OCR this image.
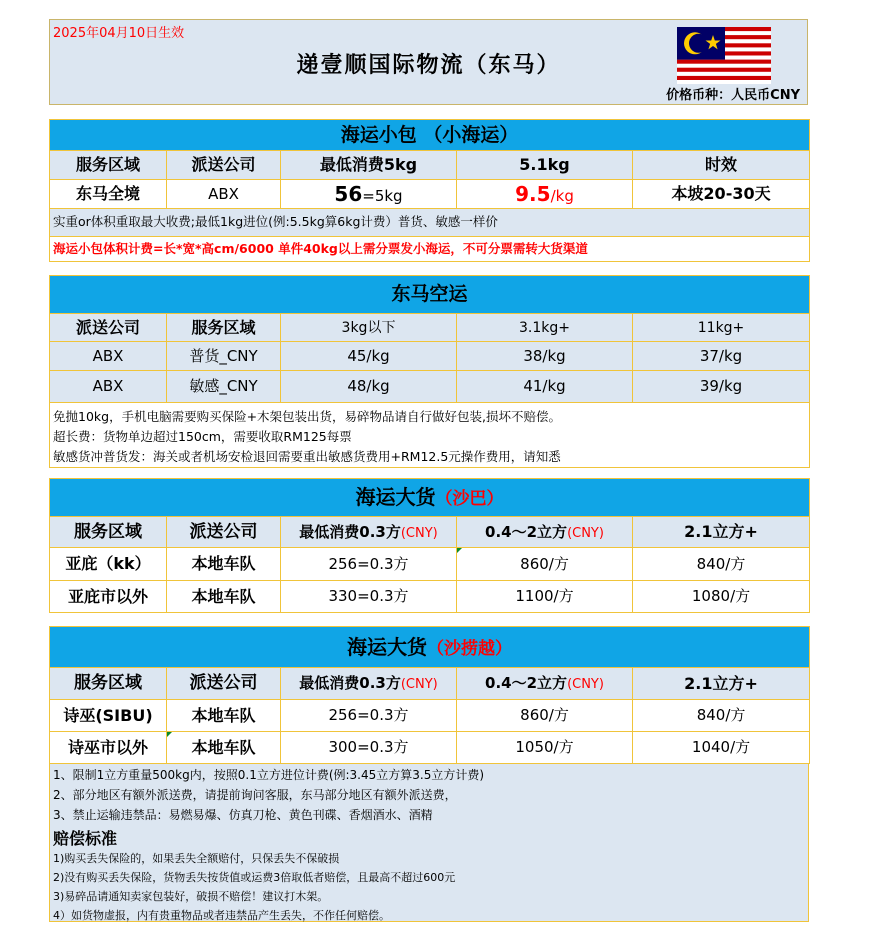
2025年04月10日生效
递壹顺国际物流（东马）
价格币种：人民币CNY
海运小包 （小海运）				
服务区域	派送公司	最低消费5kg	5.1kg	时效
东马全境	ABX	56=5kg	9.5/kg	本坡20-30天
实重or体积重取最大收费;最低1kg进位(例:5.5kg算6kg计费）普货、敏感一样价				
海运小包体积计费=长*宽*高cm/6000 单件40kg以上需分票发小海运，不可分票需转大货渠道				
东马空运				
派送公司	服务区域	3kg以下	3.1kg+	11kg+
ABX	普货_CNY	45/kg	38/kg	37/kg
ABX	敏感_CNY	48/kg	41/kg	39/kg

免抛10kg，手机电脑需要购买保险+木架包装出货，易碎物品请自行做好包装,损坏不赔偿。
超长费：货物单边超过150cm，需要收取RM125每票
敏感货冲普货发：海关或者机场安检退回需要重出敏感货费用+RM12.5元操作费用，请知悉				
海运大货（沙巴）				
服务区域	派送公司	最低消费0.3方(CNY)	0.4～2立方(CNY)	2.1立方+
亚庇（kk）	本地车队	256=0.3方	860/方	840/方
亚庇市以外	本地车队	330=0.3方	1100/方	1080/方
海运大货（沙捞越）				
服务区域	派送公司	最低消费0.3方(CNY)	0.4～2立方(CNY)	2.1立方+
诗巫(SIBU)	本地车队	256=0.3方	860/方	840/方
诗巫市以外	本地车队	300=0.3方	1050/方	1040/方
1、限制1立方重量500kg内，按照0.1立方进位计费(例:3.45立方算3.5立方计费)
2、部分地区有额外派送费，请提前询问客服，东马部分地区有额外派送费，
3、禁止运输违禁品：易燃易爆、仿真刀枪、黄色刊碟、香烟酒水、酒精
赔偿标准
1)购买丢失保险的，如果丢失全额赔付，只保丢失不保破损
2)没有购买丢失保险，货物丢失按货值或运费3倍取低者赔偿，且最高不超过600元
3)易碎品请通知卖家包装好，破损不赔偿！建议打木架。
4）如货物虚报，内有贵重物品或者违禁品产生丢失，不作任何赔偿。
